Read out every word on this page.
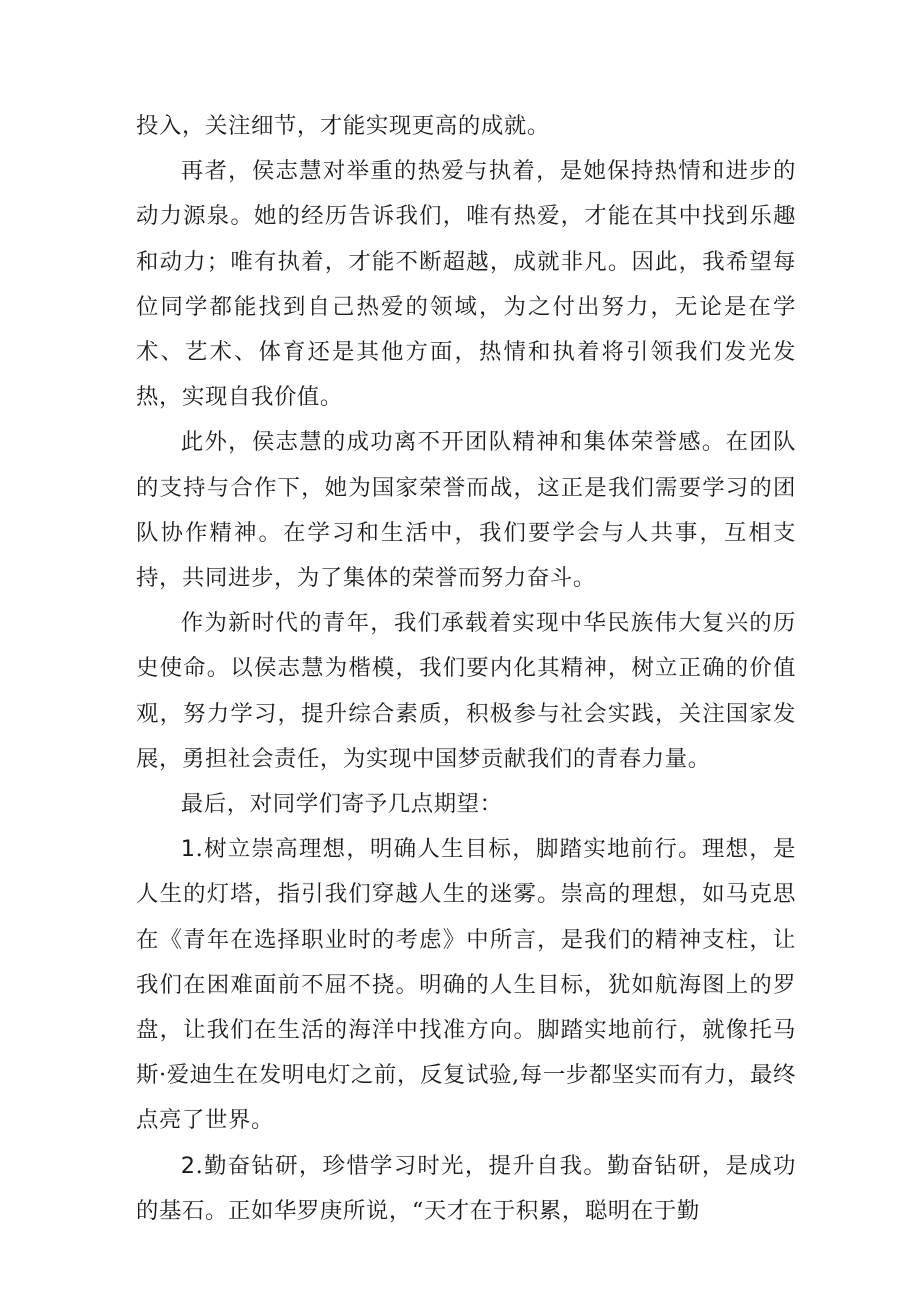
投入，关注细节，才能实现更高的成就。

再者，侯志慧对举重的热爱与执着，是她保持热情和进步的动力源泉。她的经历告诉我们，唯有热爱，才能在其中找到乐趣和动力；唯有执着，才能不断超越，成就非凡。因此，我希望每位同学都能找到自己热爱的领域，为之付出努力，无论是在学术、艺术、体育还是其他方面，热情和执着将引领我们发光发热，实现自我价值。

此外，侯志慧的成功离不开团队精神和集体荣誉感。在团队的支持与合作下，她为国家荣誉而战，这正是我们需要学习的团队协作精神。在学习和生活中，我们要学会与人共事，互相支持，共同进步，为了集体的荣誉而努力奋斗。

作为新时代的青年，我们承载着实现中华民族伟大复兴的历史使命。以侯志慧为楷模，我们要内化其精神，树立正确的价值观，努力学习，提升综合素质，积极参与社会实践，关注国家发展，勇担社会责任，为实现中国梦贡献我们的青春力量。

最后，对同学们寄予几点期望：

1.树立崇高理想，明确人生目标，脚踏实地前行。理想，是人生的灯塔，指引我们穿越人生的迷雾。崇高的理想，如马克思在《青年在选择职业时的考虑》中所言，是我们的精神支柱，让我们在困难面前不屈不挠。明确的人生目标，犹如航海图上的罗盘，让我们在生活的海洋中找准方向。脚踏实地前行，就像托马斯·爱迪生在发明电灯之前，反复试验,每一步都坚实而有力，最终点亮了世界。

2.勤奋钻研，珍惜学习时光，提升自我。勤奋钻研，是成功的基石。正如华罗庚所说，“天才在于积累，聪明在于勤
